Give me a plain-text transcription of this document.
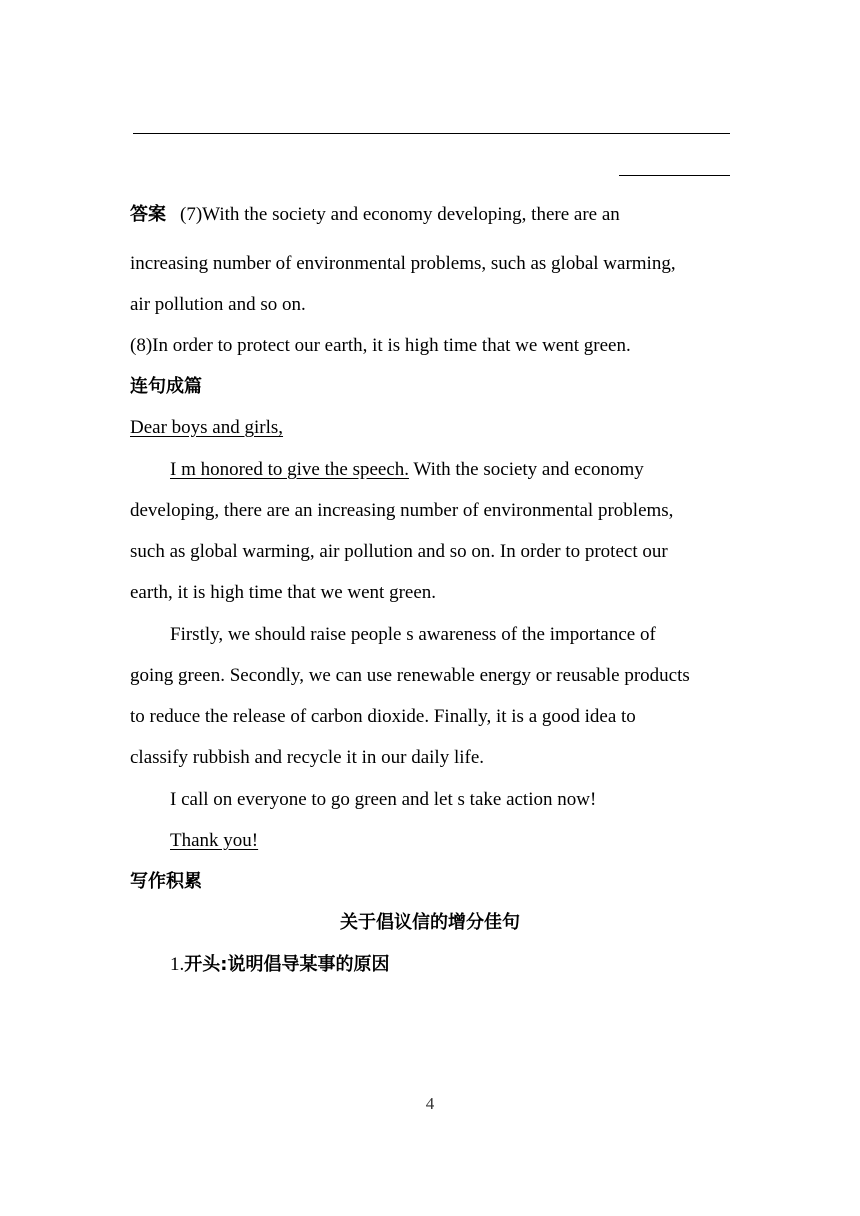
答案 (7)With the society and economy developing, there are an
increasing number of environmental problems, such as global warming,
air pollution and so on.
(8)In order to protect our earth, it is high time that we went green.
连句成篇
Dear boys and girls,
I m honored to give the speech. With the society and economy
developing, there are an increasing number of environmental problems,
such as global warming, air pollution and so on. In order to protect our
earth, it is high time that we went green.
Firstly, we should raise people s awareness of the importance of
going green. Secondly, we can use renewable energy or reusable products
to reduce the release of carbon dioxide. Finally, it is a good idea to
classify rubbish and recycle it in our daily life.
I call on everyone to go green and let s take action now!
Thank you!
写作积累
关于倡议信的增分佳句
1.开头:说明倡导某事的原因
4
